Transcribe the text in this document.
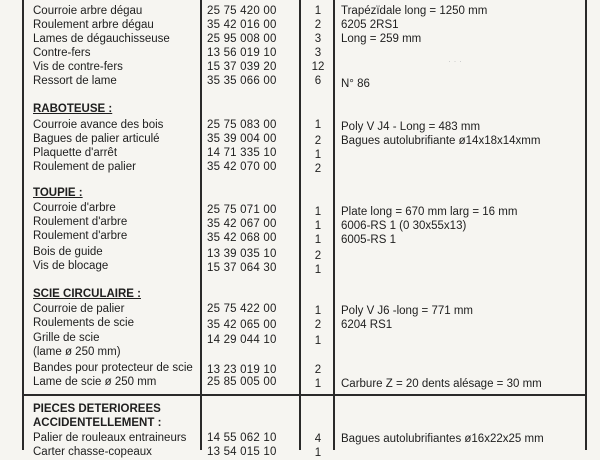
· · ·
Courroie arbre dégau	25 75 420 00	1	Trapézïdale long = 1250 mm
Roulement arbre dégau	35 42 016 00	2	6205 2RS1
Lames de dégauchisseuse	25 95 008 00	3	Long = 259 mm
Contre-fers	13 56 019 10	3
Vis de contre-fers	15 37 039 20	12
Ressort de lame	35 35 066 00	6	N° 86
RABOTEUSE :
Courroie avance des bois	25 75 083 00	1	Poly V J4 - Long = 483 mm
Bagues de palier articulé	35 39 004 00	2	Bagues autolubrifiante ø14x18x14xmm
Plaquette d'arrêt	14 71 335 10	1
Roulement de palier	35 42 070 00	2
TOUPIE :
Courroie d'arbre	25 75 071 00	1	Plate long = 670 mm larg = 16 mm
Roulement d'arbre	35 42 067 00	1	6006-RS 1 (0 30x55x13)
Roulement d'arbre	35 42 068 00	1	6005-RS 1
Bois de guide	13 39 035 10	2
Vis de blocage	15 37 064 30	1
SCIE CIRCULAIRE :
Courroie de palier	25 75 422 00	1	Poly V J6 -long = 771 mm
Roulements de scie	35 42 065 00	2	6204 RS1
Grille de scie	14 29 044 10	1
(lame ø 250 mm)
Bandes pour protecteur de scie 13 23 019 10	2
Lame de scie ø 250 mm	25 85 005 00	1	Carbure Z = 20 dents alésage = 30 mm
PIECES DETERIOREES
ACCIDENTELLEMENT :
Palier de rouleaux entraineurs 14 55 062 10	4	Bagues autolubrifiantes ø16x22x25 mm
Carter chasse-copeaux	13 54 015 10	1
